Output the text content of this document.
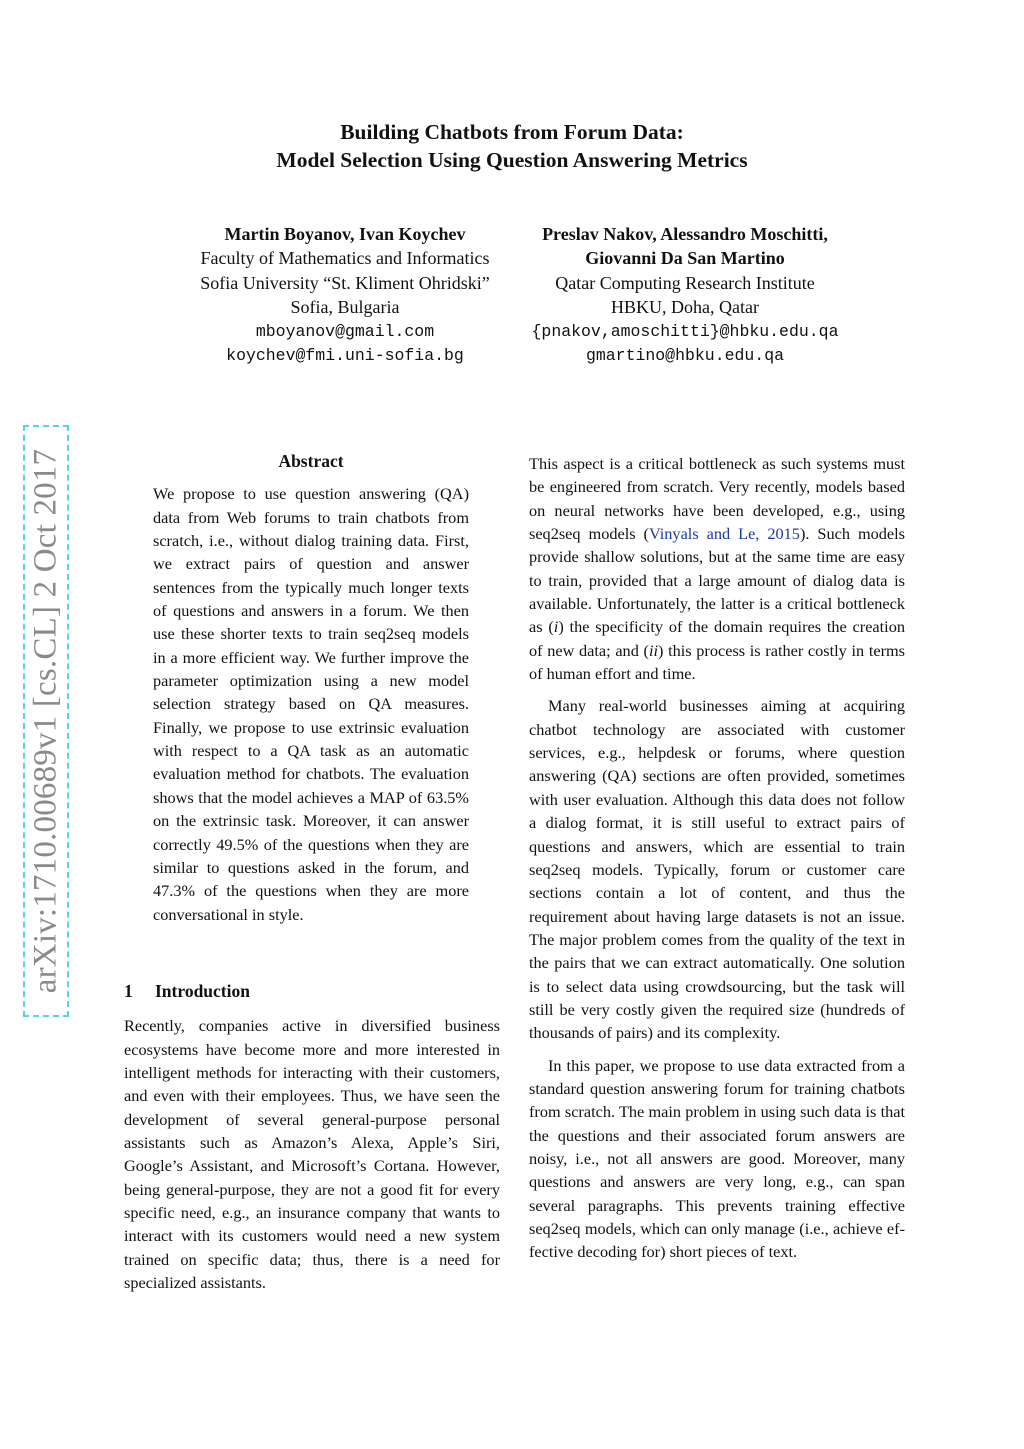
Building Chatbots from Forum Data:
Model Selection Using Question Answering Metrics
Martin Boyanov, Ivan Koychev
Faculty of Mathematics and Informatics
Sofia University “St. Kliment Ohridski”
Sofia, Bulgaria
mboyanov@gmail.com
koychev@fmi.uni-sofia.bg
Preslav Nakov, Alessandro Moschitti,
Giovanni Da San Martino
Qatar Computing Research Institute
HBKU, Doha, Qatar
{pnakov,amoschitti}@hbku.edu.qa
gmartino@hbku.edu.qa
arXiv:1710.00689v1 [cs.CL] 2 Oct 2017	Abstract

We propose to use question answering (QA) data from Web forums to train chatbots from scratch, i.e., without dialog training data. First, we extract pairs of question and answer sentences from the typically much longer texts of questions and answers in a forum. We then use these shorter texts to train seq2seq models in a more efficient way. We further improve the parameter optimization using a new model selection strategy based on QA measures. Finally, we propose to use extrinsic evaluation with respect to a QA task as an automatic evaluation method for chatbots. The evaluation shows that the model achieves a MAP of 63.5% on the extrinsic task. Moreover, it can answer correctly 49.5% of the questions when they are similar to questions asked in the forum, and 47.3% of the questions when they are more conversational in style.

1 Introduction

Recently, companies active in diversified business ecosystems have become more and more interested in intelligent methods for interacting with their customers, and even with their employees. Thus, we have seen the development of several general-purpose personal assistants such as Amazon’s Alexa, Apple’s Siri, Google’s Assistant, and Microsoft’s Cortana. However, being general-purpose, they are not a good fit for every specific need, e.g., an insurance company that wants to interact with its customers would need a new system trained on specific data; thus, there is a need for specialized assistants.

This aspect is a critical bottleneck as such systems must be engineered from scratch. Very recently, models based on neural networks have been developed, e.g., using seq2seq models (Vinyals and Le, 2015). Such models provide shallow solutions, but at the same time are easy to train, provided that a large amount of dialog data is available. Unfortunately, the latter is a critical bottleneck as (i) the specificity of the domain requires the creation of new data; and (ii) this process is rather costly in terms of human effort and time.

Many real-world businesses aiming at acquiring chatbot technology are associated with customer services, e.g., helpdesk or forums, where question answering (QA) sections are often provided, sometimes with user evaluation. Although this data does not follow a dialog format, it is still useful to extract pairs of questions and answers, which are essential to train seq2seq models. Typically, forum or customer care sections contain a lot of content, and thus the requirement about having large datasets is not an issue. The major problem comes from the quality of the text in the pairs that we can extract automatically. One solution is to select data using crowdsourcing, but the task will still be very costly given the required size (hundreds of thousands of pairs) and its complexity.

In this paper, we propose to use data extracted from a standard question answering forum for training chatbots from scratch. The main problem in using such data is that the questions and their associated forum answers are noisy, i.e., not all answers are good. Moreover, many questions and answers are very long, e.g., can span several paragraphs. This prevents training effective seq2seq models, which can only manage (i.e., achieve effective decoding for) short pieces of text.
